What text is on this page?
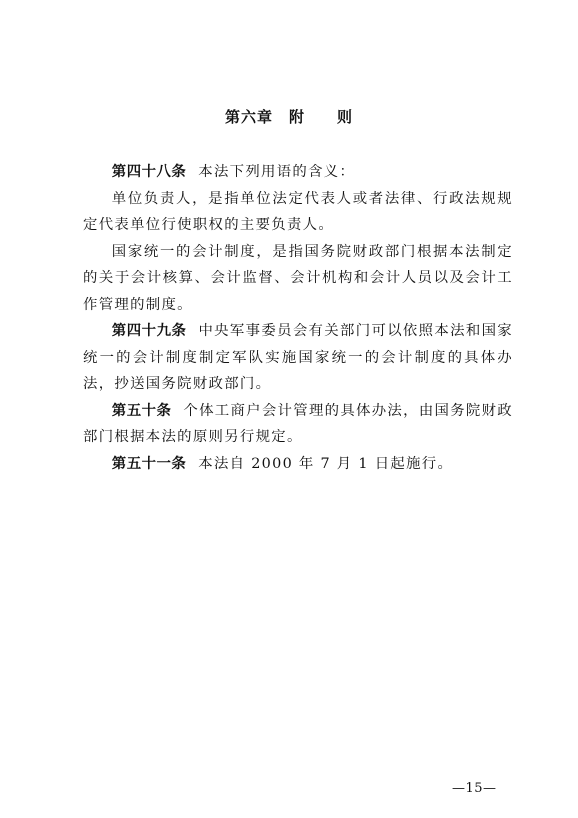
第六章　附　　则

第四十八条 本法下列用语的含义：

单位负责人，是指单位法定代表人或者法律、行政法规规定代表单位行使职权的主要负责人。

国家统一的会计制度，是指国务院财政部门根据本法制定的关于会计核算、会计监督、会计机构和会计人员以及会计工作管理的制度。

第四十九条 中央军事委员会有关部门可以依照本法和国家统一的会计制度制定军队实施国家统一的会计制度的具体办法，抄送国务院财政部门。

第五十条 个体工商户会计管理的具体办法，由国务院财政部门根据本法的原则另行规定。

第五十一条 本法自 2000 年 7 月 1 日起施行。

—15—
